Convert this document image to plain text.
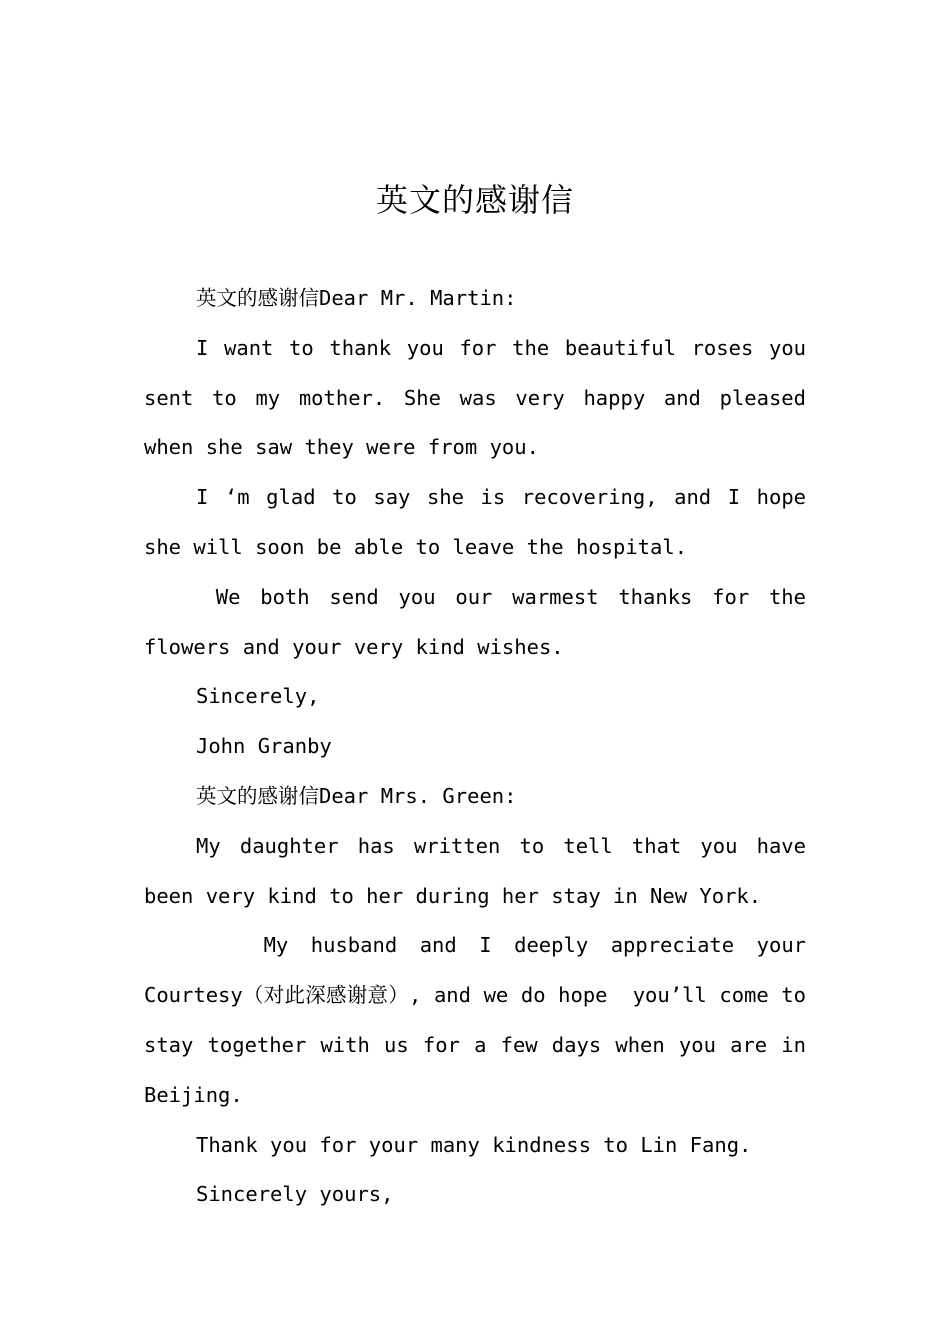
英文的感谢信

英文的感谢信Dear Mr. Martin:

I want to thank you for the beautiful roses you sent to my mother. She was very happy and pleased when she saw they were from you.

I ‘m glad to say she is recovering, and I hope she will soon be able to leave the hospital.

We both send you our warmest thanks for the flowers and your very kind wishes.

Sincerely,

John Granby

英文的感谢信Dear Mrs. Green:

My daughter has written to tell that you have been very kind to her during her stay in New York.

My husband and I deeply appreciate your Courtesy（对此深感谢意）, and we do hope  you’ll come to stay together with us for a few days when you are in Beijing.

Thank you for your many kindness to Lin Fang.

Sincerely yours,
